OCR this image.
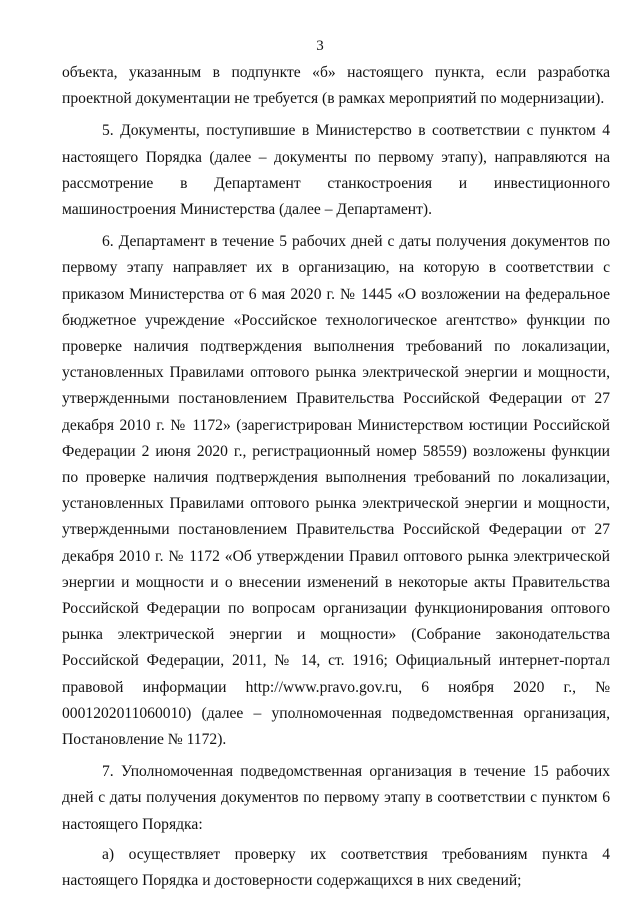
3

объекта, указанным в подпункте «б» настоящего пункта, если разработка проектной документации не требуется (в рамках мероприятий по модернизации).

5. Документы, поступившие в Министерство в соответствии с пунктом 4 настоящего Порядка (далее – документы по первому этапу), направляются на рассмотрение в Департамент станкостроения и инвестиционного машиностроения Министерства (далее – Департамент).

6. Департамент в течение 5 рабочих дней с даты получения документов по первому этапу направляет их в организацию, на которую в соответствии с приказом Министерства от 6 мая 2020 г. № 1445 «О возложении на федеральное бюджетное учреждение «Российское технологическое агентство» функции по проверке наличия подтверждения выполнения требований по локализации, установленных Правилами оптового рынка электрической энергии и мощности, утвержденными постановлением Правительства Российской Федерации от 27 декабря 2010 г. № 1172» (зарегистрирован Министерством юстиции Российской Федерации 2 июня 2020 г., регистрационный номер 58559) возложены функции по проверке наличия подтверждения выполнения требований по локализации, установленных Правилами оптового рынка электрической энергии и мощности, утвержденными постановлением Правительства Российской Федерации от 27 декабря 2010 г. № 1172 «Об утверждении Правил оптового рынка электрической энергии и мощности и о внесении изменений в некоторые акты Правительства Российской Федерации по вопросам организации функционирования оптового рынка электрической энергии и мощности» (Собрание законодательства Российской Федерации, 2011, № 14, ст. 1916; Официальный интернет-портал правовой информации http://www.pravo.gov.ru, 6 ноября 2020 г., № 0001202011060010) (далее – уполномоченная подведомственная организация, Постановление № 1172).

7. Уполномоченная подведомственная организация в течение 15 рабочих дней с даты получения документов по первому этапу в соответствии с пунктом 6 настоящего Порядка:

а) осуществляет проверку их соответствия требованиям пункта 4 настоящего Порядка и достоверности содержащихся в них сведений;
